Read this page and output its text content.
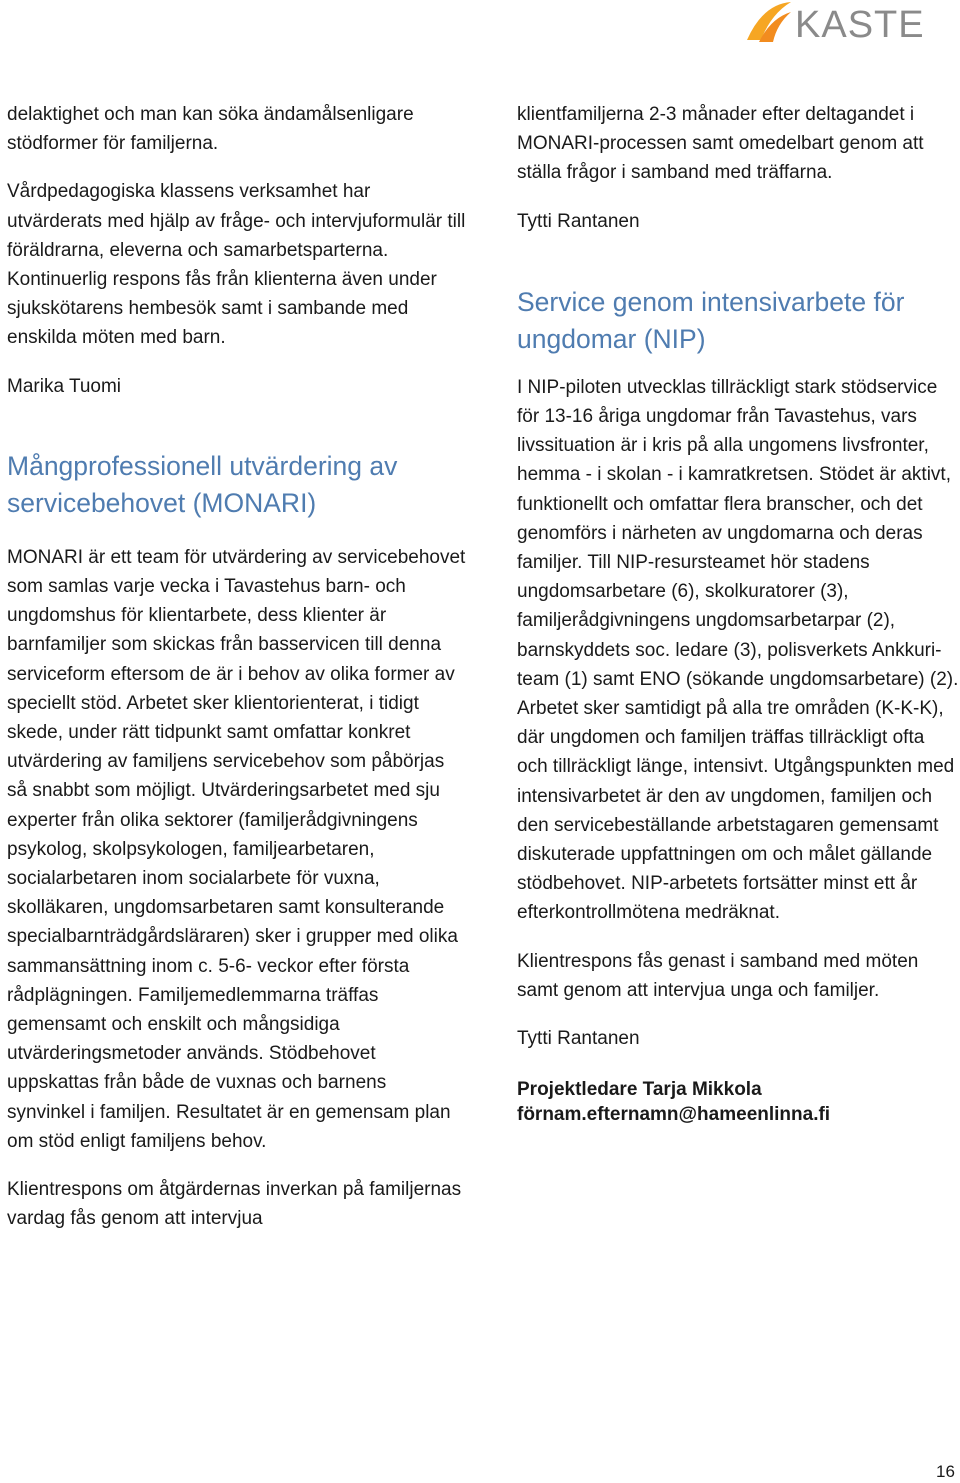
KASTE

delaktighet och man kan söka ändamålsenligare stödformer för familjerna.

Vårdpedagogiska klassens verksamhet har utvärderats med hjälp av fråge- och intervjuformulär till föräldrarna, eleverna och samarbetsparterna. Kontinuerlig respons fås från klienterna även under sjukskötarens hembesök samt i sambande med enskilda möten med barn.

Marika Tuomi

Mångprofessionell utvärdering av servicebehovet (MONARI)

MONARI är ett team för utvärdering av servicebehovet som samlas varje vecka i Tavastehus barn- och ungdomshus för klientarbete, dess klienter är barnfamiljer som skickas från basservicen till denna serviceform eftersom de är i behov av olika former av speciellt stöd. Arbetet sker klientorienterat, i tidigt skede, under rätt tidpunkt samt omfattar konkret utvärdering av familjens servicebehov som påbörjas så snabbt som möjligt. Utvärderingsarbetet med sju experter från olika sektorer (familjerådgivningens psykolog, skolpsykologen, familjearbetaren, socialarbetaren inom socialarbete för vuxna, skolläkaren, ungdomsarbetaren samt konsulterande specialbarnträdgårdsläraren) sker i grupper med olika sammansättning inom c. 5-6- veckor efter första rådplägningen. Familjemedlemmarna träffas gemensamt och enskilt och mångsidiga utvärderingsmetoder används. Stödbehovet uppskattas från både de vuxnas och barnens synvinkel i familjen. Resultatet är en gemensam plan om stöd enligt familjens behov.

Klientrespons om åtgärdernas inverkan på familjernas vardag fås genom att intervjua

klientfamiljerna 2-3 månader efter deltagandet i MONARI-processen samt omedelbart genom att ställa frågor i samband med träffarna.

Tytti Rantanen

Service genom intensivarbete för ungdomar (NIP)

I NIP-piloten utvecklas tillräckligt stark stödservice för 13-16 åriga ungdomar från Tavastehus, vars livssituation är i kris på alla ungomens livsfronter, hemma - i skolan - i kamratkretsen. Stödet är aktivt, funktionellt och omfattar flera branscher, och det genomförs i närheten av ungdomarna och deras familjer. Till NIP-resursteamet hör stadens ungdomsarbetare (6), skolkuratorer (3), familjerådgivningens ungdomsarbetarpar (2), barnskyddets soc. ledare (3), polisverkets Ankkuri-team (1) samt ENO (sökande ungdomsarbetare) (2). Arbetet sker samtidigt på alla tre områden (K-K-K), där ungdomen och familjen träffas tillräckligt ofta och tillräckligt länge, intensivt. Utgångspunkten med intensivarbetet är den av ungdomen, familjen och den servicebeställande arbetstagaren gemensamt diskuterade uppfattningen om och målet gällande stödbehovet. NIP-arbetets fortsätter minst ett år efterkontrollmötena medräknat.

Klientrespons fås genast i samband med möten samt genom att intervjua unga och familjer.

Tytti Rantanen

Projektledare Tarja Mikkola

förnam.efternamn@hameenlinna.fi

16
